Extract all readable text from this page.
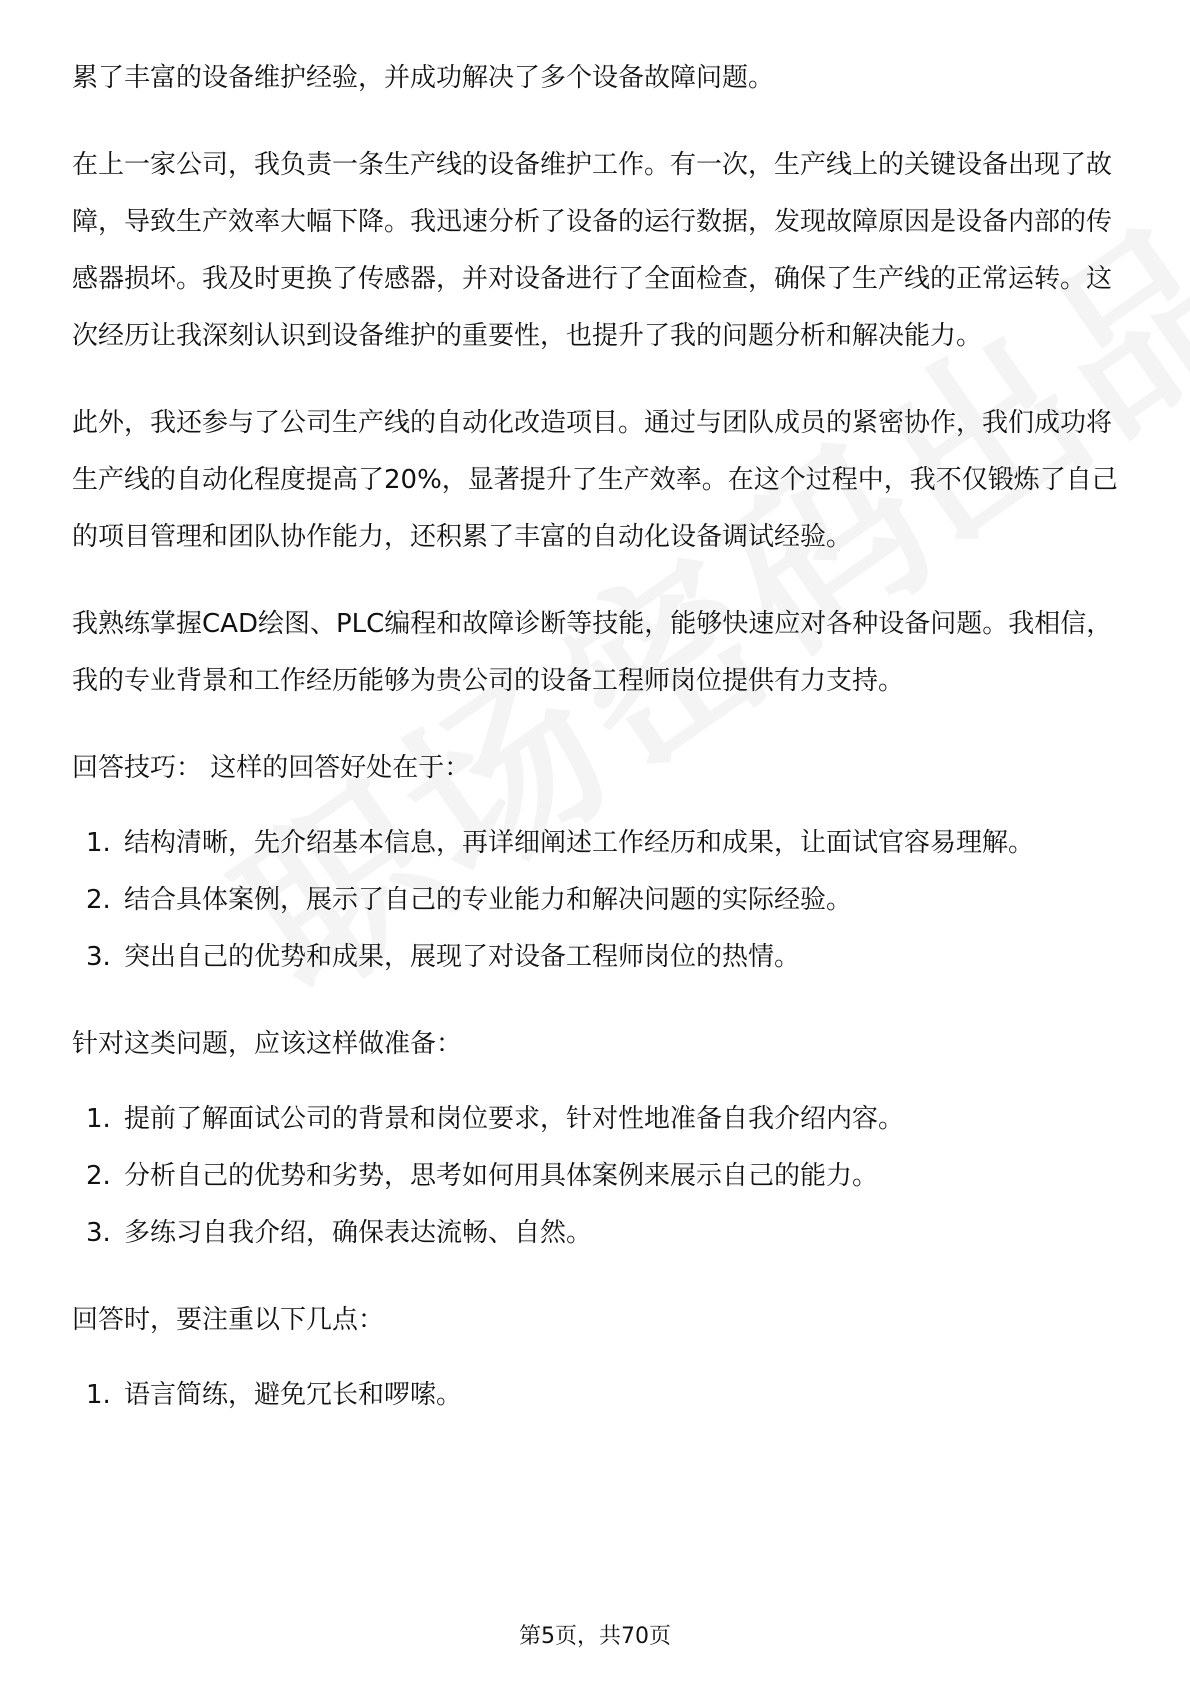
累了丰富的设备维护经验，并成功解决了多个设备故障问题。

在上一家公司，我负责一条生产线的设备维护工作。有一次，生产线上的关键设备出现了故障，导致生产效率大幅下降。我迅速分析了设备的运行数据，发现故障原因是设备内部的传感器损坏。我及时更换了传感器，并对设备进行了全面检查，确保了生产线的正常运转。这次经历让我深刻认识到设备维护的重要性，也提升了我的问题分析和解决能力。

此外，我还参与了公司生产线的自动化改造项目。通过与团队成员的紧密协作，我们成功将生产线的自动化程度提高了20%，显著提升了生产效率。在这个过程中，我不仅锻炼了自己的项目管理和团队协作能力，还积累了丰富的自动化设备调试经验。

我熟练掌握CAD绘图、PLC编程和故障诊断等技能，能够快速应对各种设备问题。我相信，我的专业背景和工作经历能够为贵公司的设备工程师岗位提供有力支持。

回答技巧： 这样的回答好处在于：

1. 结构清晰，先介绍基本信息，再详细阐述工作经历和成果，让面试官容易理解。
2. 结合具体案例，展示了自己的专业能力和解决问题的实际经验。
3. 突出自己的优势和成果，展现了对设备工程师岗位的热情。

针对这类问题，应该这样做准备：

1. 提前了解面试公司的背景和岗位要求，针对性地准备自我介绍内容。
2. 分析自己的优势和劣势，思考如何用具体案例来展示自己的能力。
3. 多练习自我介绍，确保表达流畅、自然。

回答时，要注重以下几点：

1. 语言简练，避免冗长和啰嗦。
第5页，共70页
